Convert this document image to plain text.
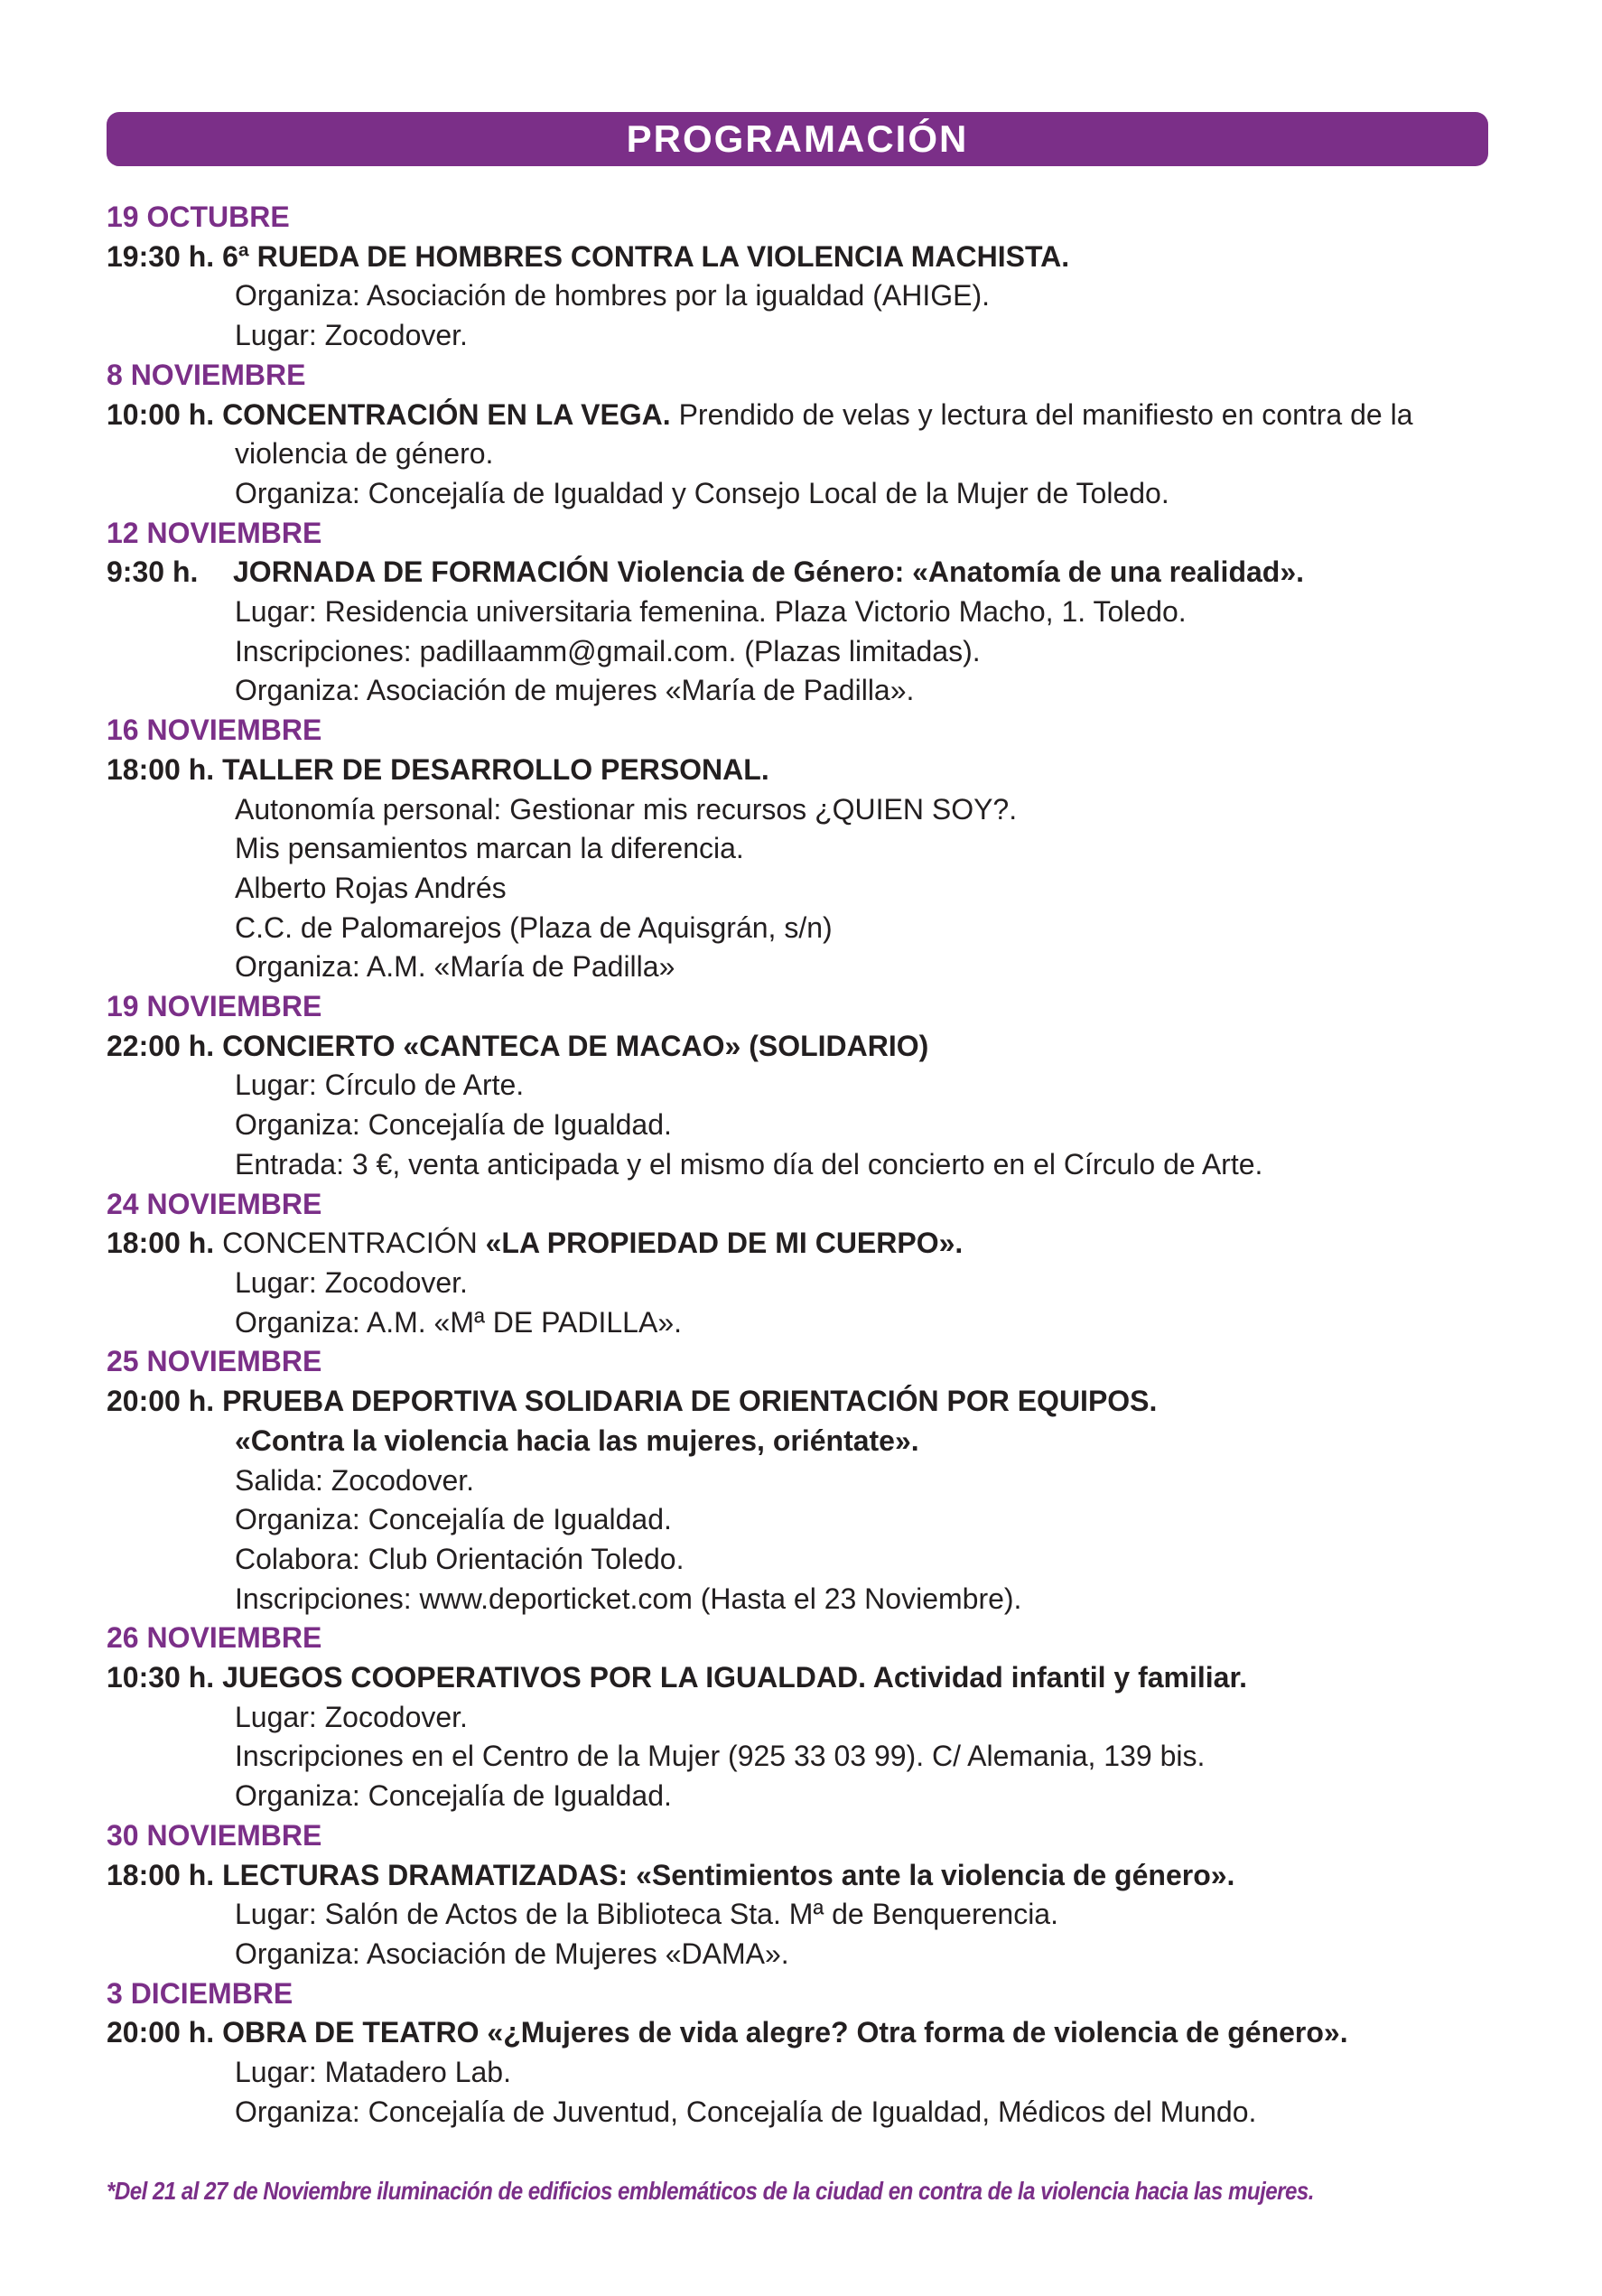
PROGRAMACIÓN
19 OCTUBRE
19:30 h. 6ª RUEDA DE HOMBRES CONTRA LA VIOLENCIA MACHISTA.
Organiza: Asociación de hombres por la igualdad (AHIGE).
Lugar: Zocodover.
8 NOVIEMBRE
10:00 h. CONCENTRACIÓN EN LA VEGA. Prendido de velas y lectura del manifiesto en contra de la violencia de género.
Organiza: Concejalía de Igualdad y Consejo Local de la Mujer de Toledo.
12 NOVIEMBRE
9:30 h. JORNADA DE FORMACIÓN Violencia de Género: «Anatomía de una realidad».
Lugar: Residencia universitaria femenina. Plaza Victorio Macho, 1. Toledo.
Inscripciones: padillaamm@gmail.com. (Plazas limitadas).
Organiza: Asociación de mujeres «María de Padilla».
16 NOVIEMBRE
18:00 h. TALLER DE DESARROLLO PERSONAL.
Autonomía personal: Gestionar mis recursos ¿QUIEN SOY?.
Mis pensamientos marcan la diferencia.
Alberto Rojas Andrés
C.C. de Palomarejos (Plaza de Aquisgrán, s/n)
Organiza: A.M. «María de Padilla»
19 NOVIEMBRE
22:00 h. CONCIERTO «CANTECA DE MACAO» (SOLIDARIO)
Lugar: Círculo de Arte.
Organiza: Concejalía de Igualdad.
Entrada: 3 €, venta anticipada y el mismo día del concierto en el Círculo de Arte.
24 NOVIEMBRE
18:00 h. CONCENTRACIÓN «LA PROPIEDAD DE MI CUERPO».
Lugar: Zocodover.
Organiza: A.M. «Mª DE PADILLA».
25 NOVIEMBRE
20:00 h. PRUEBA DEPORTIVA SOLIDARIA DE ORIENTACIÓN POR EQUIPOS.
«Contra la violencia hacia las mujeres, oriéntate».
Salida: Zocodover.
Organiza: Concejalía de Igualdad.
Colabora: Club Orientación Toledo.
Inscripciones: www.deporticket.com (Hasta el 23 Noviembre).
26 NOVIEMBRE
10:30 h. JUEGOS COOPERATIVOS POR LA IGUALDAD. Actividad infantil y familiar.
Lugar: Zocodover.
Inscripciones en el Centro de la Mujer (925 33 03 99). C/ Alemania, 139 bis.
Organiza: Concejalía de Igualdad.
30 NOVIEMBRE
18:00 h. LECTURAS DRAMATIZADAS: «Sentimientos ante la violencia de género».
Lugar: Salón de Actos de la Biblioteca Sta. Mª de Benquerencia.
Organiza: Asociación de Mujeres «DAMA».
3 DICIEMBRE
20:00 h. OBRA DE TEATRO «¿Mujeres de vida alegre? Otra forma de violencia de género».
Lugar: Matadero Lab.
Organiza: Concejalía de Juventud, Concejalía de Igualdad, Médicos del Mundo.
*Del 21 al 27 de Noviembre iluminación de edificios emblemáticos de la ciudad en contra de la violencia hacia las mujeres.
